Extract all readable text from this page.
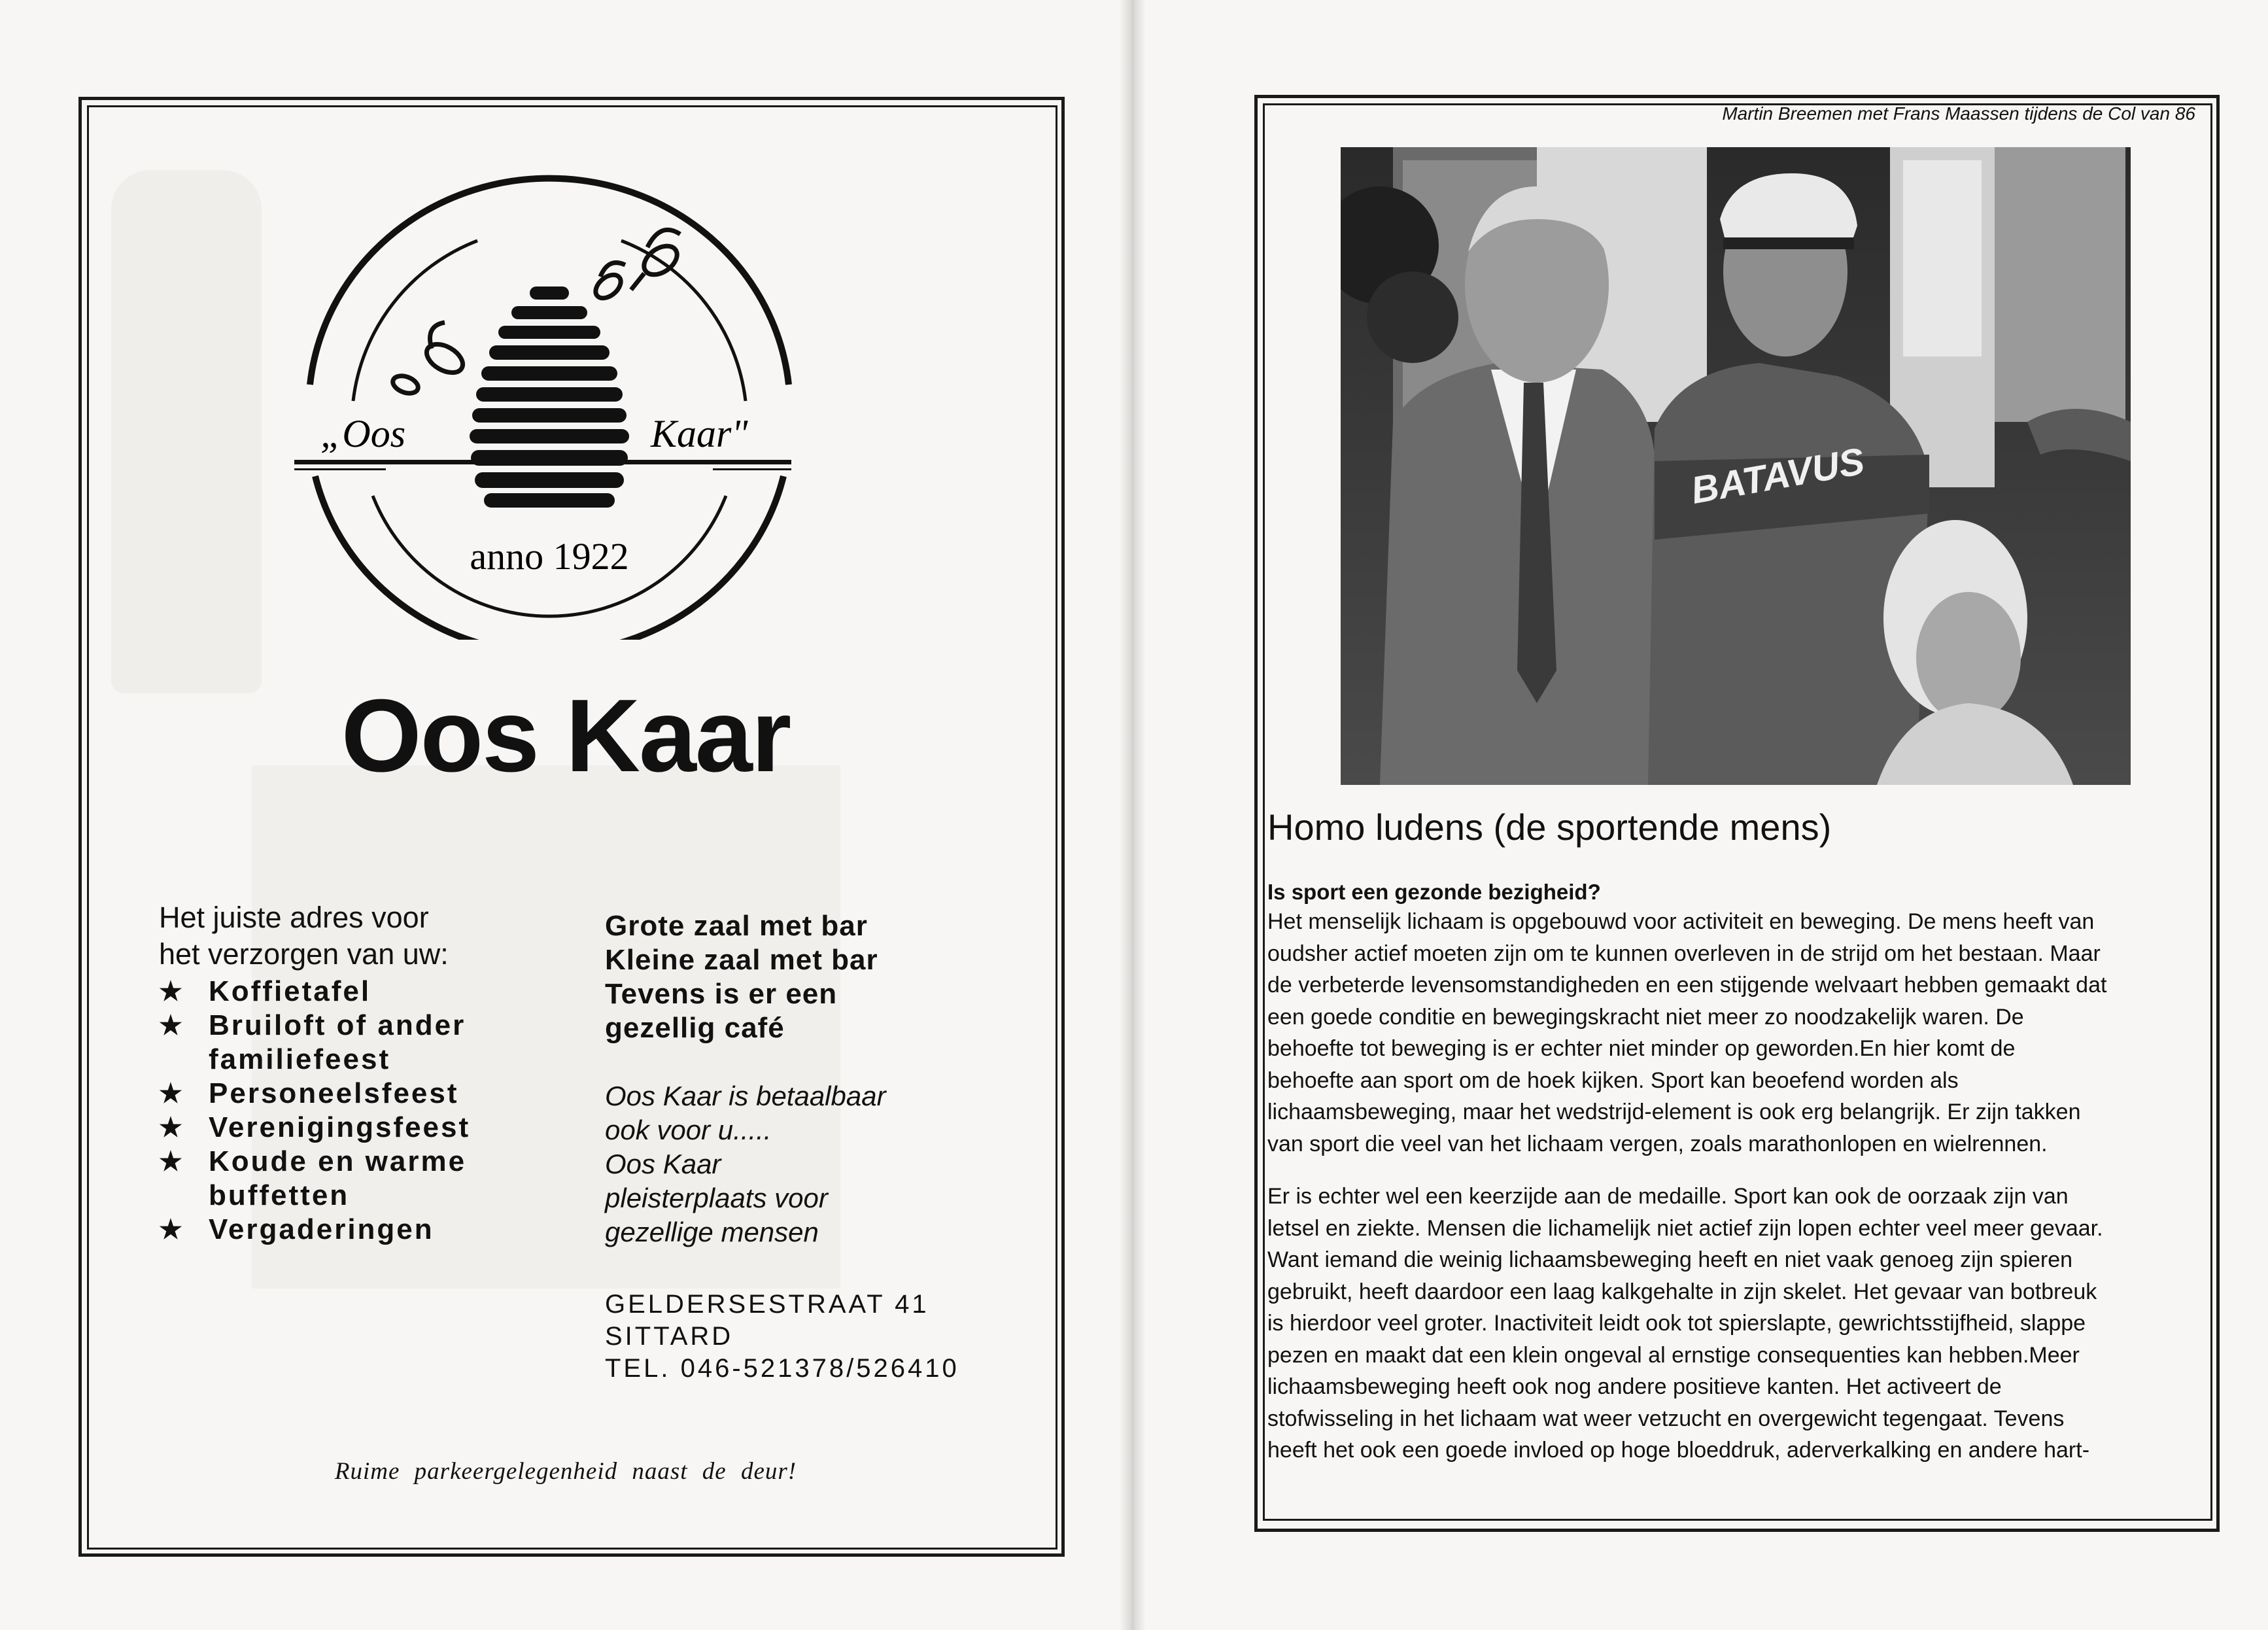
„Oos	Kaar"
anno 1922
Oos Kaar
Het juiste adres voor
het verzorgen van uw:
★ Koffietafel
★ Bruiloft of ander
familiefeest
★ Personeelsfeest
★ Verenigingsfeest
★ Koude en warme
buffetten
★ Vergaderingen
Grote zaal met bar
Kleine zaal met bar
Tevens is er een
gezellig café
Oos Kaar is betaalbaar
ook voor u.....
Oos Kaar
pleisterplaats voor
gezellige mensen
GELDERSESTRAAT 41
SITTARD
TEL. 046-521378/526410
Ruime parkeergelegenheid naast de deur!
Martin Breemen met Frans Maassen tijdens de Col van 86
BATAVUS
Homo ludens (de sportende mens)
Is sport een gezonde bezigheid?
Het menselijk lichaam is opgebouwd voor activiteit en beweging. De mens heeft van
oudsher actief moeten zijn om te kunnen overleven in de strijd om het bestaan. Maar
de verbeterde levensomstandigheden en een stijgende welvaart hebben gemaakt dat
een goede conditie en bewegingskracht niet meer zo noodzakelijk waren. De
behoefte tot beweging is er echter niet minder op geworden.En hier komt de
behoefte aan sport om de hoek kijken. Sport kan beoefend worden als
lichaamsbeweging, maar het wedstrijd-element is ook erg belangrijk. Er zijn takken
van sport die veel van het lichaam vergen, zoals marathonlopen en wielrennen.
Er is echter wel een keerzijde aan de medaille. Sport kan ook de oorzaak zijn van
letsel en ziekte. Mensen die lichamelijk niet actief zijn lopen echter veel meer gevaar.
Want iemand die weinig lichaamsbeweging heeft en niet vaak genoeg zijn spieren
gebruikt, heeft daardoor een laag kalkgehalte in zijn skelet. Het gevaar van botbreuk
is hierdoor veel groter. Inactiviteit leidt ook tot spierslapte, gewrichtsstijfheid, slappe
pezen en maakt dat een klein ongeval al ernstige consequenties kan hebben.Meer
lichaamsbeweging heeft ook nog andere positieve kanten. Het activeert de
stofwisseling in het lichaam wat weer vetzucht en overgewicht tegengaat. Tevens
heeft het ook een goede invloed op hoge bloeddruk, aderverkalking en andere hart-
